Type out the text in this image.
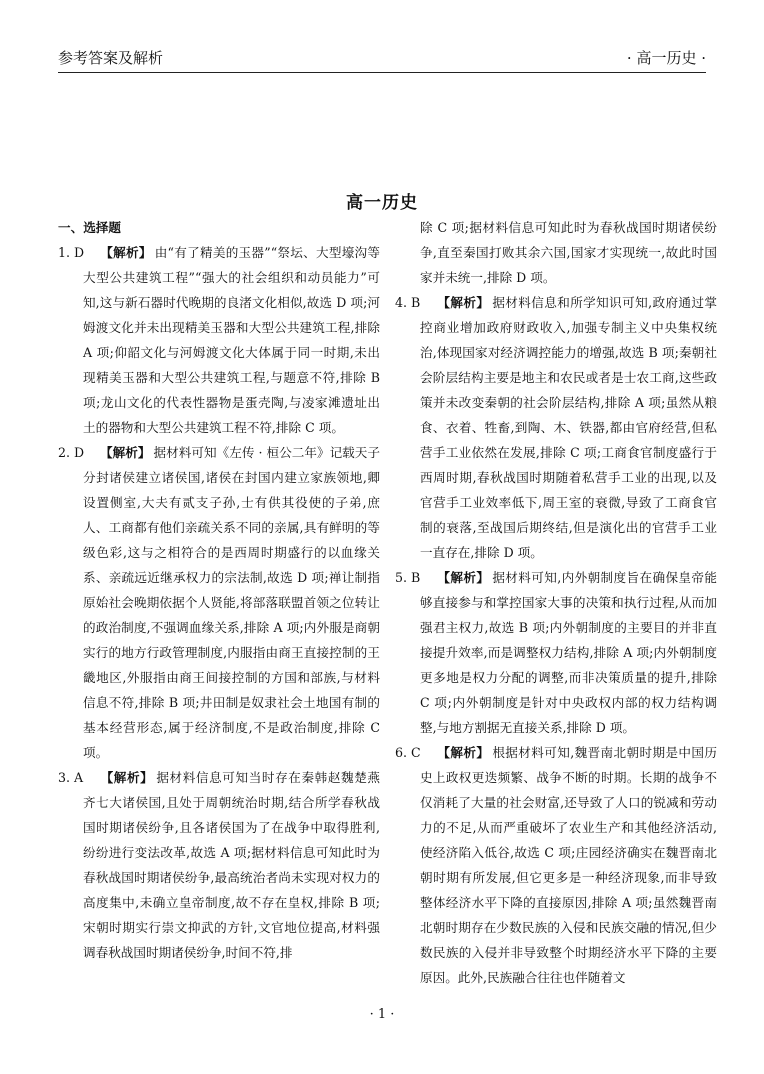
参考答案及解析	· 高一历史 ·
高一历史
一、选择题

1. D 【解析】 由“有了精美的玉器”“祭坛、大型壕沟等大型公共建筑工程”“强大的社会组织和动员能力”可知,这与新石器时代晚期的良渚文化相似,故选 D 项;河姆渡文化并未出现精美玉器和大型公共建筑工程,排除 A 项;仰韶文化与河姆渡文化大体属于同一时期,未出现精美玉器和大型公共建筑工程,与题意不符,排除 B 项;龙山文化的代表性器物是蛋壳陶,与凌家滩遗址出土的器物和大型公共建筑工程不符,排除 C 项。

2. D 【解析】 据材料可知《左传 · 桓公二年》记载天子分封诸侯建立诸侯国,诸侯在封国内建立家族领地,卿设置侧室,大夫有贰支子孙,士有供其役使的子弟,庶人、工商都有他们亲疏关系不同的亲属,具有鲜明的等级色彩,这与之相符合的是西周时期盛行的以血缘关系、亲疏远近继承权力的宗法制,故选 D 项;禅让制指原始社会晚期依据个人贤能,将部落联盟首领之位转让的政治制度,不强调血缘关系,排除 A 项;内外服是商朝实行的地方行政管理制度,内服指由商王直接控制的王畿地区,外服指由商王间接控制的方国和部族,与材料信息不符,排除 B 项;井田制是奴隶社会土地国有制的基本经营形态,属于经济制度,不是政治制度,排除 C 项。

3. A 【解析】 据材料信息可知当时存在秦韩赵魏楚燕齐七大诸侯国,且处于周朝统治时期,结合所学春秋战国时期诸侯纷争,且各诸侯国为了在战争中取得胜利,纷纷进行变法改革,故选 A 项;据材料信息可知此时为春秋战国时期诸侯纷争,最高统治者尚未实现对权力的高度集中,未确立皇帝制度,故不存在皇权,排除 B 项;宋朝时期实行崇文抑武的方针,文官地位提高,材料强调春秋战国时期诸侯纷争,时间不符,排

除 C 项;据材料信息可知此时为春秋战国时期诸侯纷争,直至秦国打败其余六国,国家才实现统一,故此时国家并未统一,排除 D 项。

4. B 【解析】 据材料信息和所学知识可知,政府通过掌控商业增加政府财政收入,加强专制主义中央集权统治,体现国家对经济调控能力的增强,故选 B 项;秦朝社会阶层结构主要是地主和农民或者是士农工商,这些政策并未改变秦朝的社会阶层结构,排除 A 项;虽然从粮食、衣着、牲畜,到陶、木、铁器,都由官府经营,但私营手工业依然在发展,排除 C 项;工商食官制度盛行于西周时期,春秋战国时期随着私营手工业的出现,以及官营手工业效率低下,周王室的衰微,导致了工商食官制的衰落,至战国后期终结,但是演化出的官营手工业一直存在,排除 D 项。

5. B 【解析】 据材料可知,内外朝制度旨在确保皇帝能够直接参与和掌控国家大事的决策和执行过程,从而加强君主权力,故选 B 项;内外朝制度的主要目的并非直接提升效率,而是调整权力结构,排除 A 项;内外朝制度更多地是权力分配的调整,而非决策质量的提升,排除 C 项;内外朝制度是针对中央政权内部的权力结构调整,与地方割据无直接关系,排除 D 项。

6. C 【解析】 根据材料可知,魏晋南北朝时期是中国历史上政权更迭频繁、战争不断的时期。长期的战争不仅消耗了大量的社会财富,还导致了人口的锐减和劳动力的不足,从而严重破坏了农业生产和其他经济活动,使经济陷入低谷,故选 C 项;庄园经济确实在魏晋南北朝时期有所发展,但它更多是一种经济现象,而非导致整体经济水平下降的直接原因,排除 A 项;虽然魏晋南北朝时期存在少数民族的入侵和民族交融的情况,但少数民族的入侵并非导致整个时期经济水平下降的主要原因。此外,民族融合往往也伴随着文

· 1 ·
